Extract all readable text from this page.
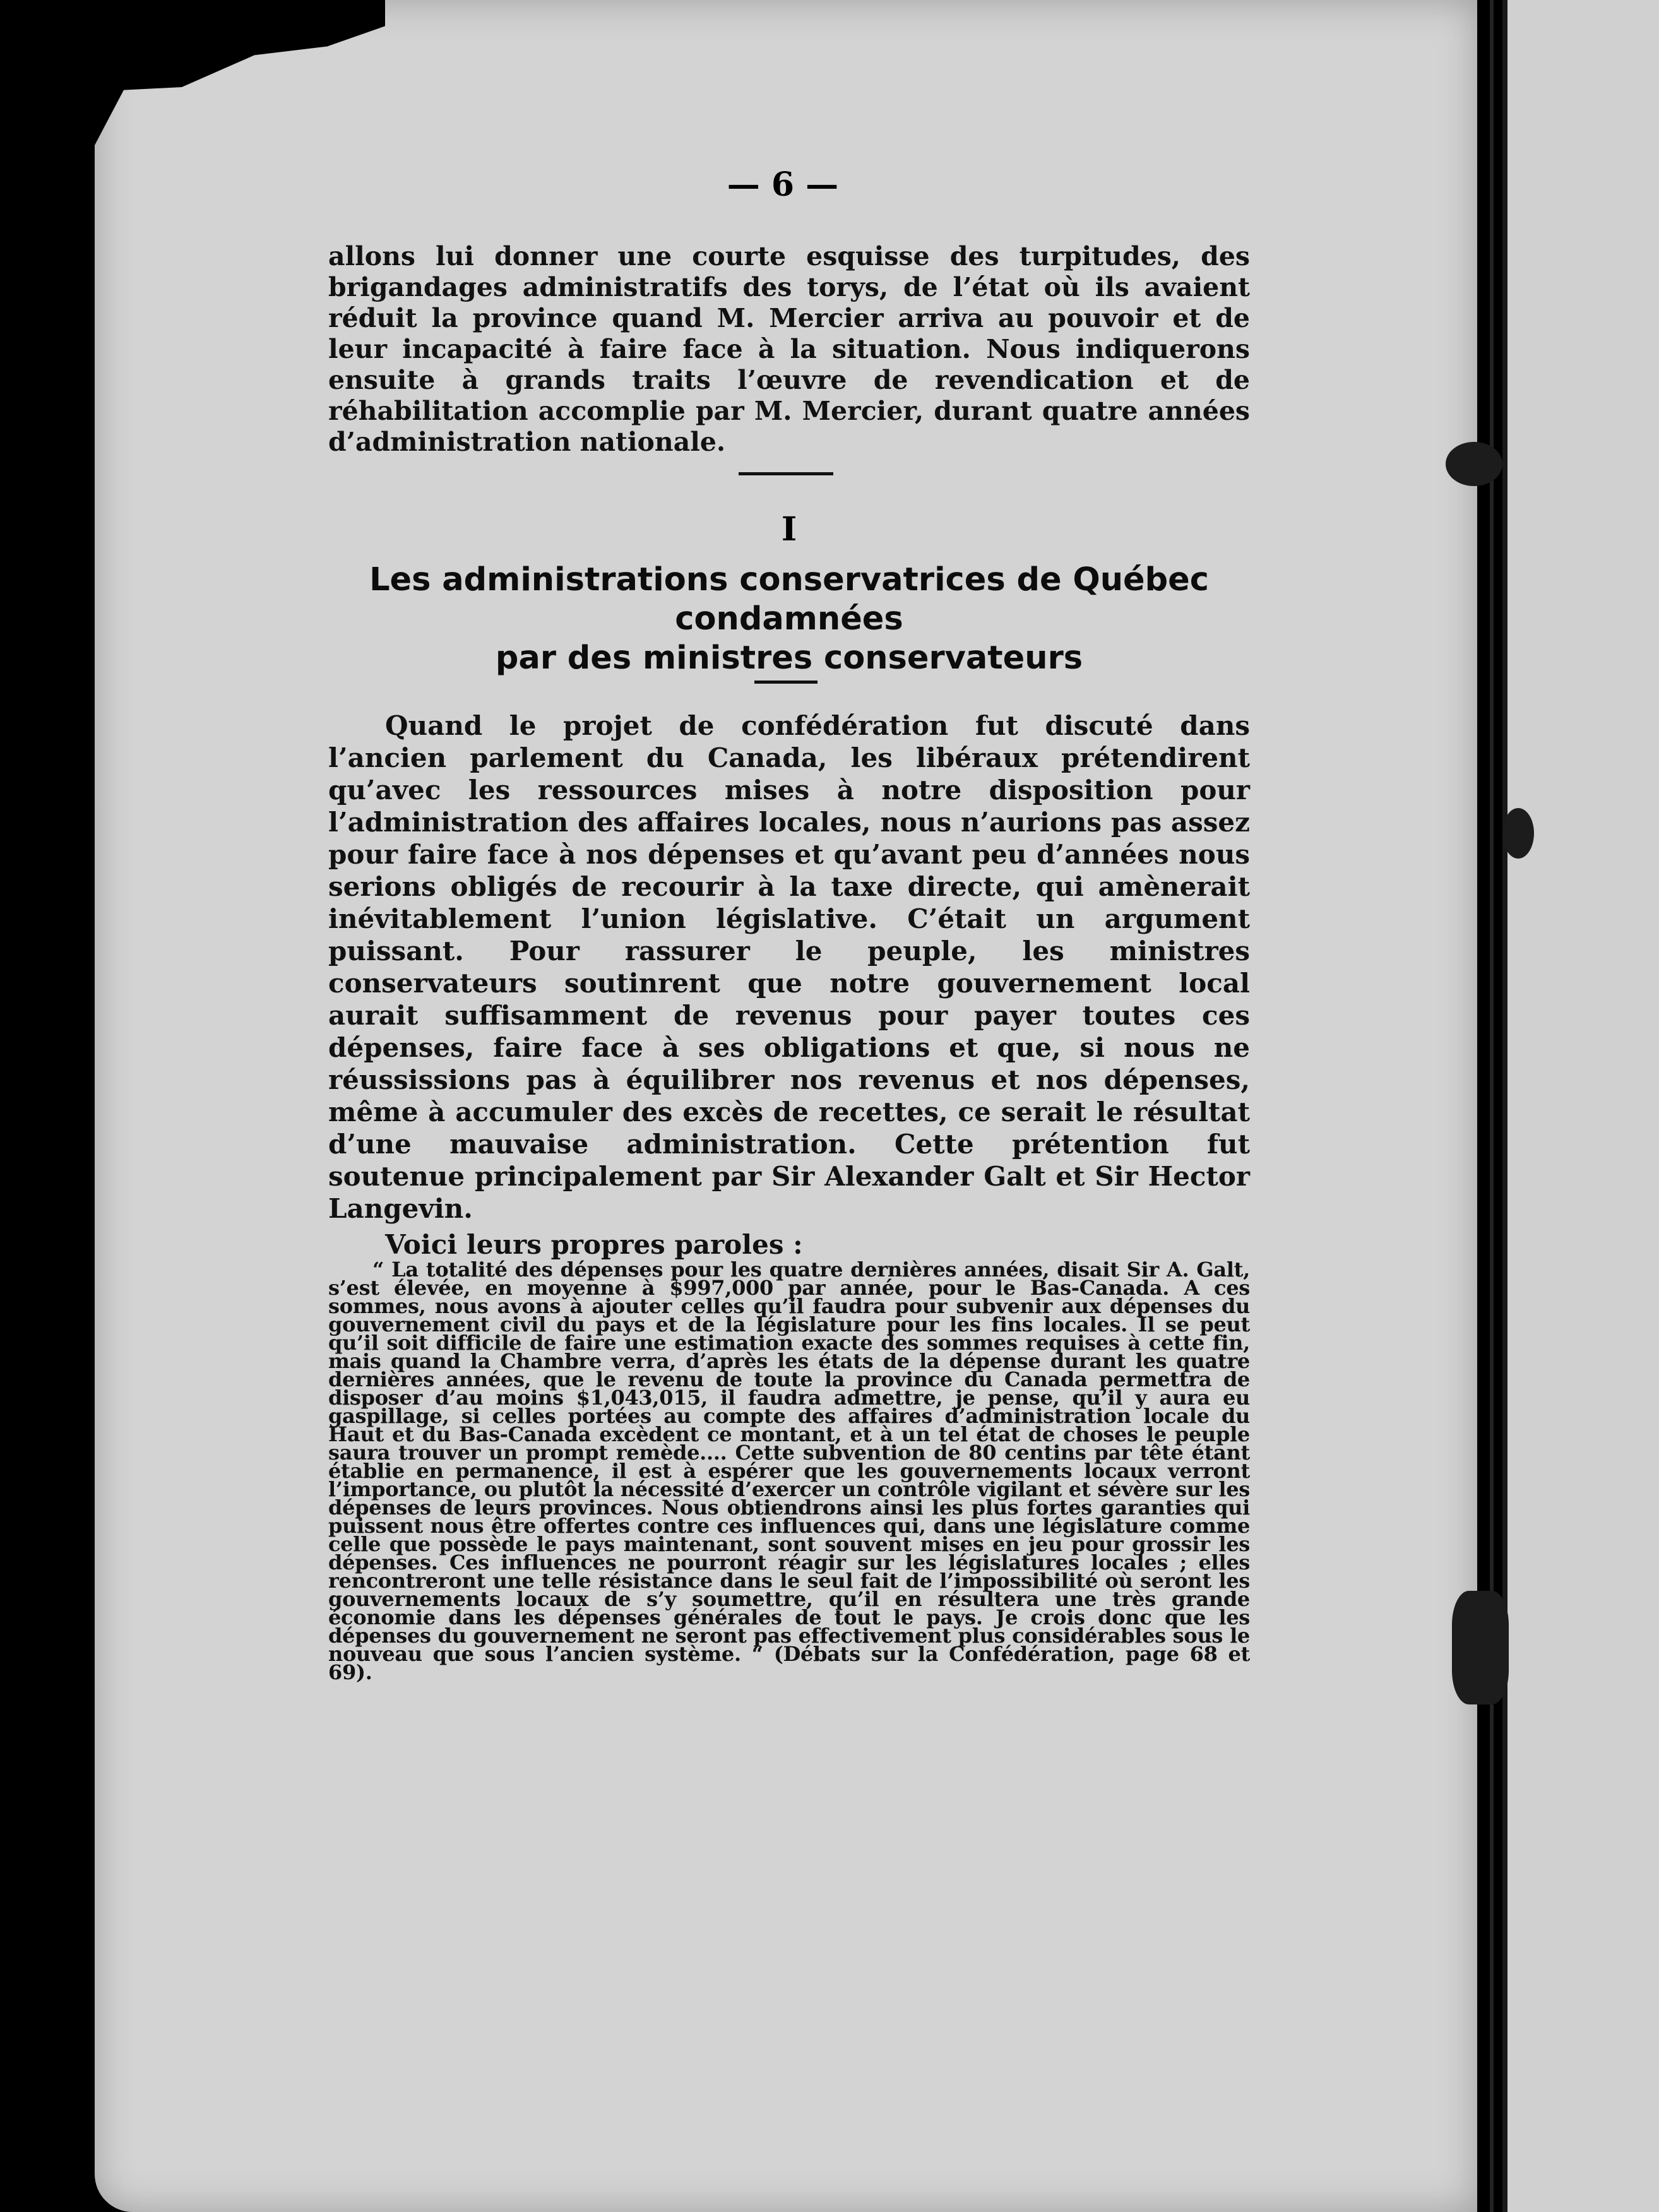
— 6 —

allons lui donner une courte esquisse des turpitudes, des brigandages administratifs des torys, de l’état où ils avaient réduit la province quand M. Mercier arriva au pouvoir et de leur incapacité à faire face à la situation. Nous indiquerons ensuite à grands traits l’œuvre de revendication et de réhabilitation accomplie par M. Mercier, durant quatre années d’administration nationale.

I
Les administrations conservatrices de Québec condamnées
par des ministres conservateurs

Quand le projet de confédération fut discuté dans l’ancien parlement du Canada, les libéraux prétendirent qu’avec les ressources mises à notre disposition pour l’administration des affaires locales, nous n’aurions pas assez pour faire face à nos dépenses et qu’avant peu d’années nous serions obligés de recourir à la taxe directe, qui amènerait inévitablement l’union législative. C’était un argument puissant. Pour rassurer le peuple, les ministres conservateurs soutinrent que notre gouvernement local aurait suffisamment de revenus pour payer toutes ces dépenses, faire face à ses obligations et que, si nous ne réussissions pas à équilibrer nos revenus et nos dépenses, même à accumuler des excès de recettes, ce serait le résultat d’une mauvaise administration. Cette prétention fut soutenue principalement par Sir Alexander Galt et Sir Hector Langevin.

Voici leurs propres paroles :

“ La totalité des dépenses pour les quatre dernières années, disait Sir A. Galt, s’est élevée, en moyenne à $997,000 par année, pour le Bas-Canada. A ces sommes, nous avons à ajouter celles qu’il faudra pour subvenir aux dépenses du gouvernement civil du pays et de la législature pour les fins locales. Il se peut qu’il soit difficile de faire une estimation exacte des sommes requises à cette fin, mais quand la Chambre verra, d’après les états de la dépense durant les quatre dernières années, que le revenu de toute la province du Canada permettra de disposer d’au moins $1,043,015, il faudra admettre, je pense, qu’il y aura eu gaspillage, si celles portées au compte des affaires d’administration locale du Haut et du Bas-Canada excèdent ce montant, et à un tel état de choses le peuple saura trouver un prompt remède.... Cette subvention de 80 centins par tête étant établie en permanence, il est à espérer que les gouvernements locaux verront l’importance, ou plutôt la nécessité d’exercer un contrôle vigilant et sévère sur les dépenses de leurs provinces. Nous obtiendrons ainsi les plus fortes garanties qui puissent nous être offertes contre ces influences qui, dans une législature comme celle que possède le pays maintenant, sont souvent mises en jeu pour grossir les dépenses. Ces influences ne pourront réagir sur les législatures locales ; elles rencontreront une telle résistance dans le seul fait de l’impossibilité où seront les gouvernements locaux de s’y soumettre, qu’il en résultera une très grande économie dans les dépenses générales de tout le pays. Je crois donc que les dépenses du gouvernement ne seront pas effectivement plus considérables sous le nouveau que sous l’ancien système. “ (Débats sur la Confédération, page 68 et 69).
